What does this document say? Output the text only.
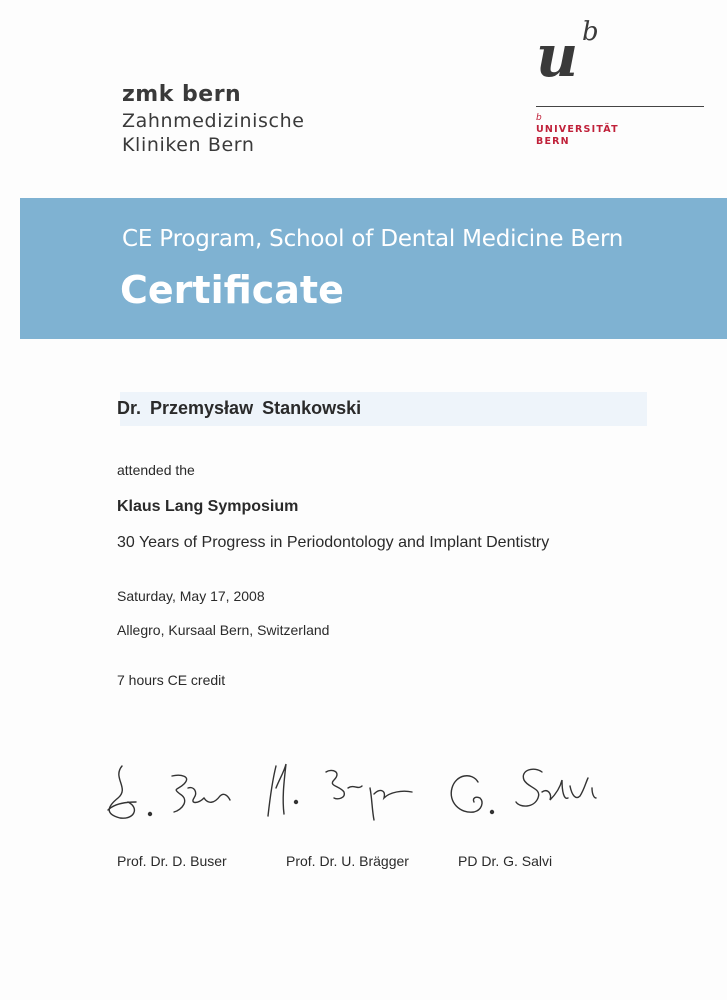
zmk bern
Zahnmedizinische
Kliniken Bern
u b
b
UNIVERSITÄT
BERN
CE Program, School of Dental Medicine Bern
Certificate
Dr. Przemysław Stankowski
attended the
Klaus Lang Symposium
30 Years of Progress in Periodontology and Implant Dentistry
Saturday, May 17, 2008
Allegro, Kursaal Bern, Switzerland
7 hours CE credit
Prof. Dr. D. Buser	Prof. Dr. U. Brägger	PD Dr. G. Salvi
